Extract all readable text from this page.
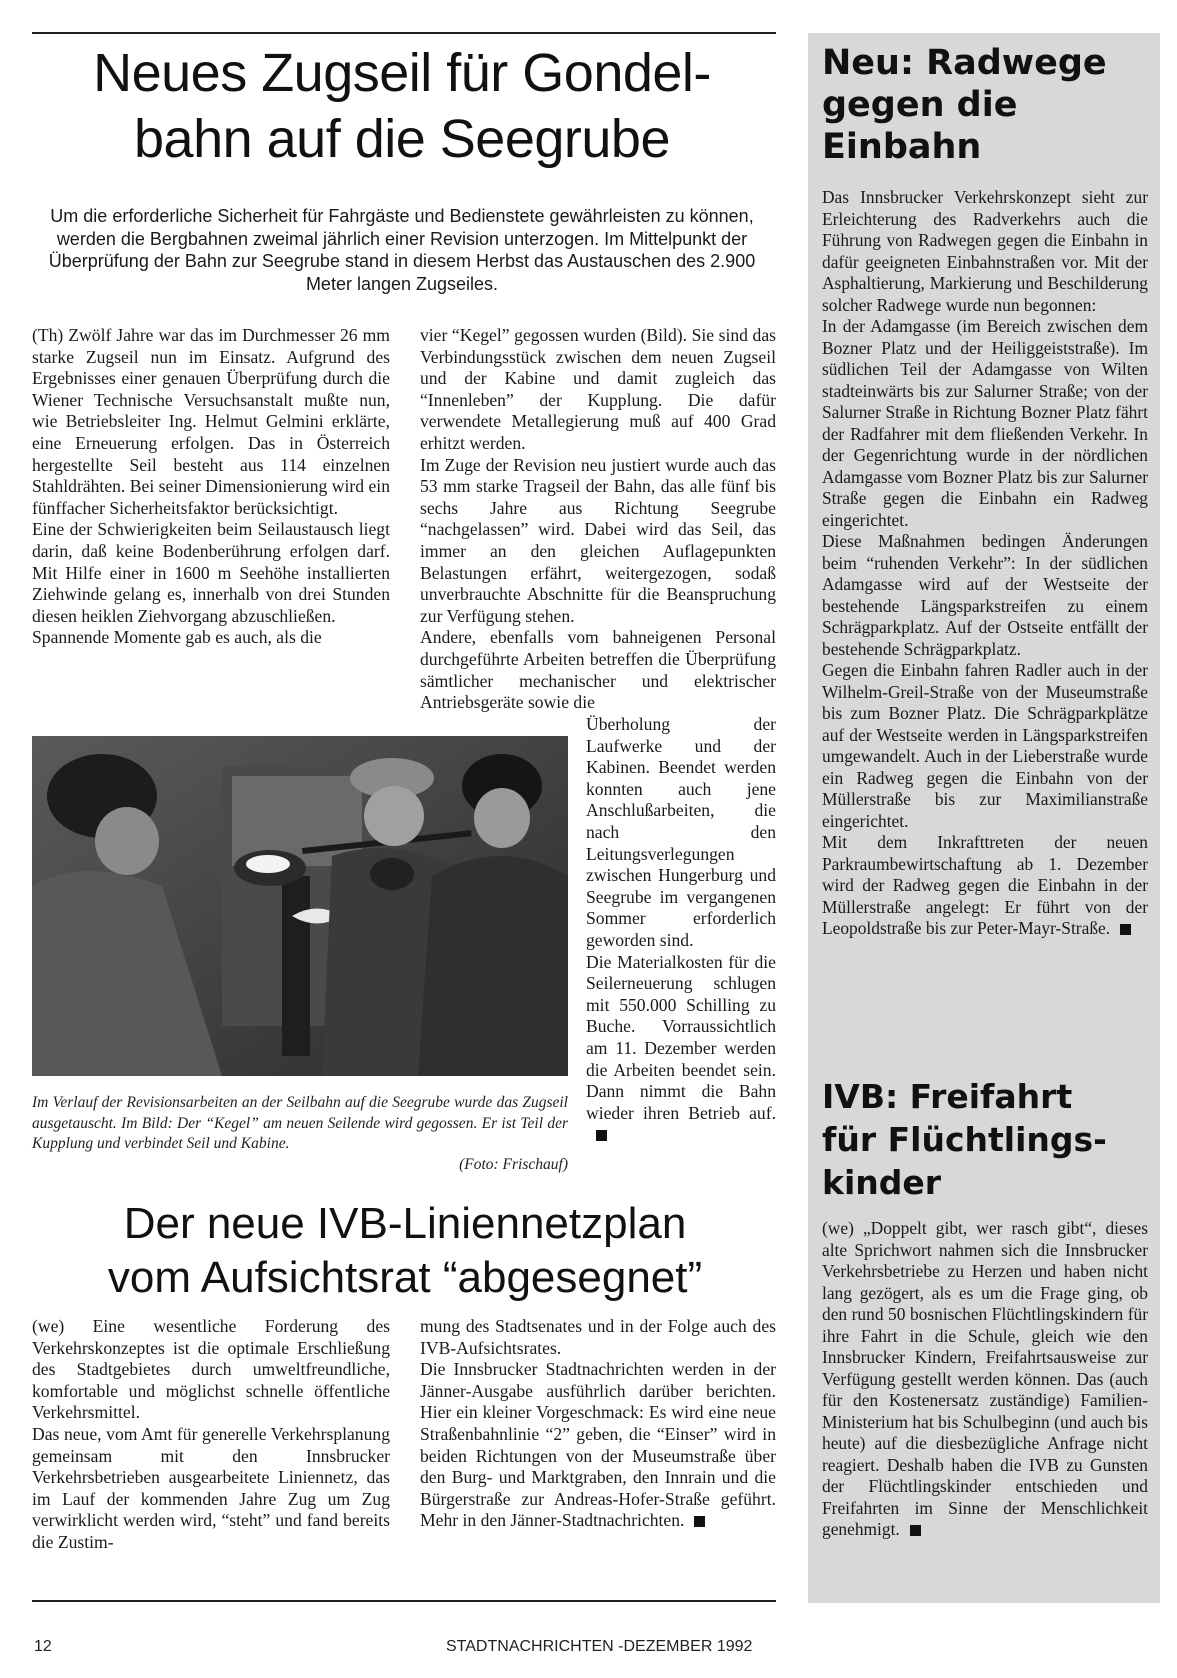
Neues Zugseil für Gondel-
bahn auf die Seegrube
Um die erforderliche Sicherheit für Fahrgäste und Bedienstete gewährleisten zu können, werden die Bergbahnen zweimal jährlich einer Revision unterzogen. Im Mittelpunkt der Überprüfung der Bahn zur Seegrube stand in diesem Herbst das Austauschen des 2.900 Meter langen Zugseiles.

(Th) Zwölf Jahre war das im Durchmesser 26 mm starke Zugseil nun im Einsatz. Aufgrund des Ergebnisses einer genauen Überprüfung durch die Wiener Technische Versuchsanstalt mußte nun, wie Betriebsleiter Ing. Helmut Gelmini erklärte, eine Erneuerung erfolgen. Das in Österreich hergestellte Seil besteht aus 114 einzelnen Stahldrähten. Bei seiner Dimensionierung wird ein fünffacher Sicherheitsfaktor berücksichtigt.

Eine der Schwierigkeiten beim Seilaustausch liegt darin, daß keine Bodenberührung erfolgen darf. Mit Hilfe einer in 1600 m Seehöhe installierten Ziehwinde gelang es, innerhalb von drei Stunden diesen heiklen Ziehvorgang abzuschließen.

Spannende Momente gab es auch, als die

vier “Kegel” gegossen wurden (Bild). Sie sind das Verbindungsstück zwischen dem neuen Zugseil und der Kabine und damit zugleich das “Innenleben” der Kupplung. Die dafür verwendete Metallegierung muß auf 400 Grad erhitzt werden.

Im Zuge der Revision neu justiert wurde auch das 53 mm starke Tragseil der Bahn, das alle fünf bis sechs Jahre aus Richtung Seegrube “nachgelassen” wird. Dabei wird das Seil, das immer an den gleichen Auflagepunkten Belastungen erfährt, weitergezogen, sodaß unverbrauchte Abschnitte für die Beanspruchung zur Verfügung stehen.

Andere, ebenfalls vom bahneigenen Personal durchgeführte Arbeiten betreffen die Überprüfung sämtlicher mechanischer und elektrischer Antriebsgeräte sowie die

Im Verlauf der Revisionsarbeiten an der Seilbahn auf die Seegrube wurde das Zugseil ausgetauscht. Im Bild: Der “Kegel” am neuen Seilende wird gegossen. Er ist Teil der Kupplung und verbindet Seil und Kabine.
(Foto: Frischauf)

Überholung der Laufwerke und der Kabinen. Beendet werden konnten auch jene Anschlußarbeiten, die nach den Leitungsverlegungen zwischen Hungerburg und Seegrube im vergangenen Sommer erforderlich geworden sind.

Die Materialkosten für die Seilerneuerung schlugen mit 550.000 Schilling zu Buche. Vorraussichtlich am 11. Dezember werden die Arbeiten beendet sein. Dann nimmt die Bahn wieder ihren Betrieb auf.

Der neue IVB-Liniennetzplan
vom Aufsichtsrat “abgesegnet”

(we) Eine wesentliche Forderung des Verkehrskonzeptes ist die optimale Erschließung des Stadtgebietes durch umweltfreundliche, komfortable und möglichst schnelle öffentliche Verkehrsmittel.

Das neue, vom Amt für generelle Verkehrsplanung gemeinsam mit den Innsbrucker Verkehrsbetrieben ausgearbeitete Liniennetz, das im Lauf der kommenden Jahre Zug um Zug verwirklicht werden wird, “steht” und fand bereits die Zustim-

mung des Stadtsenates und in der Folge auch des IVB-Aufsichtsrates.

Die Innsbrucker Stadtnachrichten werden in der Jänner-Ausgabe ausführlich darüber berichten. Hier ein kleiner Vorgeschmack: Es wird eine neue Straßenbahnlinie “2” geben, die “Einser” wird in beiden Richtungen von der Museumstraße über den Burg- und Marktgraben, den Innrain und die Bürgerstraße zur Andreas-Hofer-Straße geführt. Mehr in den Jänner-Stadtnachrichten.

Neu: Radwege
gegen die
Einbahn

Das Innsbrucker Verkehrskonzept sieht zur Erleichterung des Radverkehrs auch die Führung von Radwegen gegen die Einbahn in dafür geeigneten Einbahnstraßen vor. Mit der Asphaltierung, Markierung und Beschilderung solcher Radwege wurde nun begonnen:

In der Adamgasse (im Bereich zwischen dem Bozner Platz und der Heiliggeiststraße). Im südlichen Teil der Adamgasse von Wilten stadteinwärts bis zur Salurner Straße; von der Salurner Straße in Richtung Bozner Platz fährt der Radfahrer mit dem fließenden Verkehr. In der Gegenrichtung wurde in der nördlichen Adamgasse vom Bozner Platz bis zur Salurner Straße gegen die Einbahn ein Radweg eingerichtet.

Diese Maßnahmen bedingen Änderungen beim “ruhenden Verkehr”: In der südlichen Adamgasse wird auf der Westseite der bestehende Längsparkstreifen zu einem Schrägparkplatz. Auf der Ostseite entfällt der bestehende Schrägparkplatz.

Gegen die Einbahn fahren Radler auch in der Wilhelm-Greil-Straße von der Museumstraße bis zum Bozner Platz. Die Schrägparkplätze auf der Westseite werden in Längsparkstreifen umgewandelt. Auch in der Lieberstraße wurde ein Radweg gegen die Einbahn von der Müllerstraße bis zur Maximilianstraße eingerichtet.

Mit dem Inkrafttreten der neuen Parkraumbewirtschaftung ab 1. Dezember wird der Radweg gegen die Einbahn in der Müllerstraße angelegt: Er führt von der Leopoldstraße bis zur Peter-Mayr-Straße.

IVB: Freifahrt
für Flüchtlings-
kinder

(we) „Doppelt gibt, wer rasch gibt“, dieses alte Sprichwort nahmen sich die Innsbrucker Verkehrsbetriebe zu Herzen und haben nicht lang gezögert, als es um die Frage ging, ob den rund 50 bosnischen Flüchtlingskindern für ihre Fahrt in die Schule, gleich wie den Innsbrucker Kindern, Freifahrtsausweise zur Verfügung gestellt werden können. Das (auch für den Kostenersatz zuständige) Familien-Ministerium hat bis Schulbeginn (und auch bis heute) auf die diesbezügliche Anfrage nicht reagiert. Deshalb haben die IVB zu Gunsten der Flüchtlingskinder entschieden und Freifahrten im Sinne der Menschlichkeit genehmigt.

12	STADTNACHRICHTEN -DEZEMBER 1992
